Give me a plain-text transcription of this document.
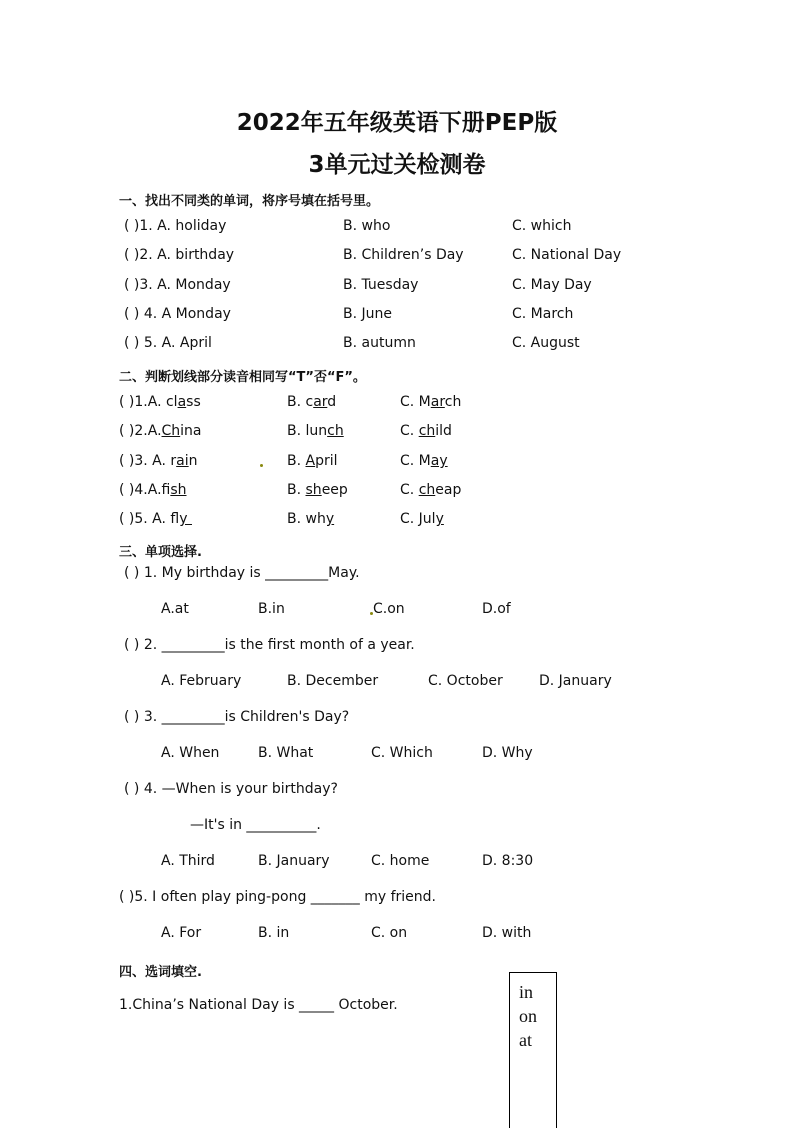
2022年五年级英语下册PEP版
3单元过关检测卷
一、找出不同类的单词，将序号填在括号里。
( )1. A. holiday	B. who	C. which
( )2. A. birthday	B. Children’s Day	C. National Day
( )3. A. Monday	B. Tuesday	C. May Day
( ) 4. A Monday	B. June	C. March
( ) 5. A. April	B. autumn	C. August
二、判断划线部分读音相同写“T”否“F”。
( )1.A. class	B. card	C. March
( )2.A.China	B. lunch	C. child
( )3. A. rain	B. April	C. May
( )4.A.fish	B. sheep	C. cheap
( )5. A. fly	B. why	C. July
三、单项选择.
( ) 1. My birthday is _________May.
A.at	B.in	C.on	D.of
( ) 2. _________is the first month of a year.
A. February	B. December	C. October	D. January
( ) 3. _________is Children's Day?
A. When	B. What	C. Which	D. Why
( ) 4. —When is your birthday?
—It's in __________.
A. Third	B. January	C. home	D. 8:30
( )5. I often play ping-pong _______ my friend.
A. For	B. in	C. on	D. with
四、选词填空.
1.China’s National Day is _____ October.
in
on
at
